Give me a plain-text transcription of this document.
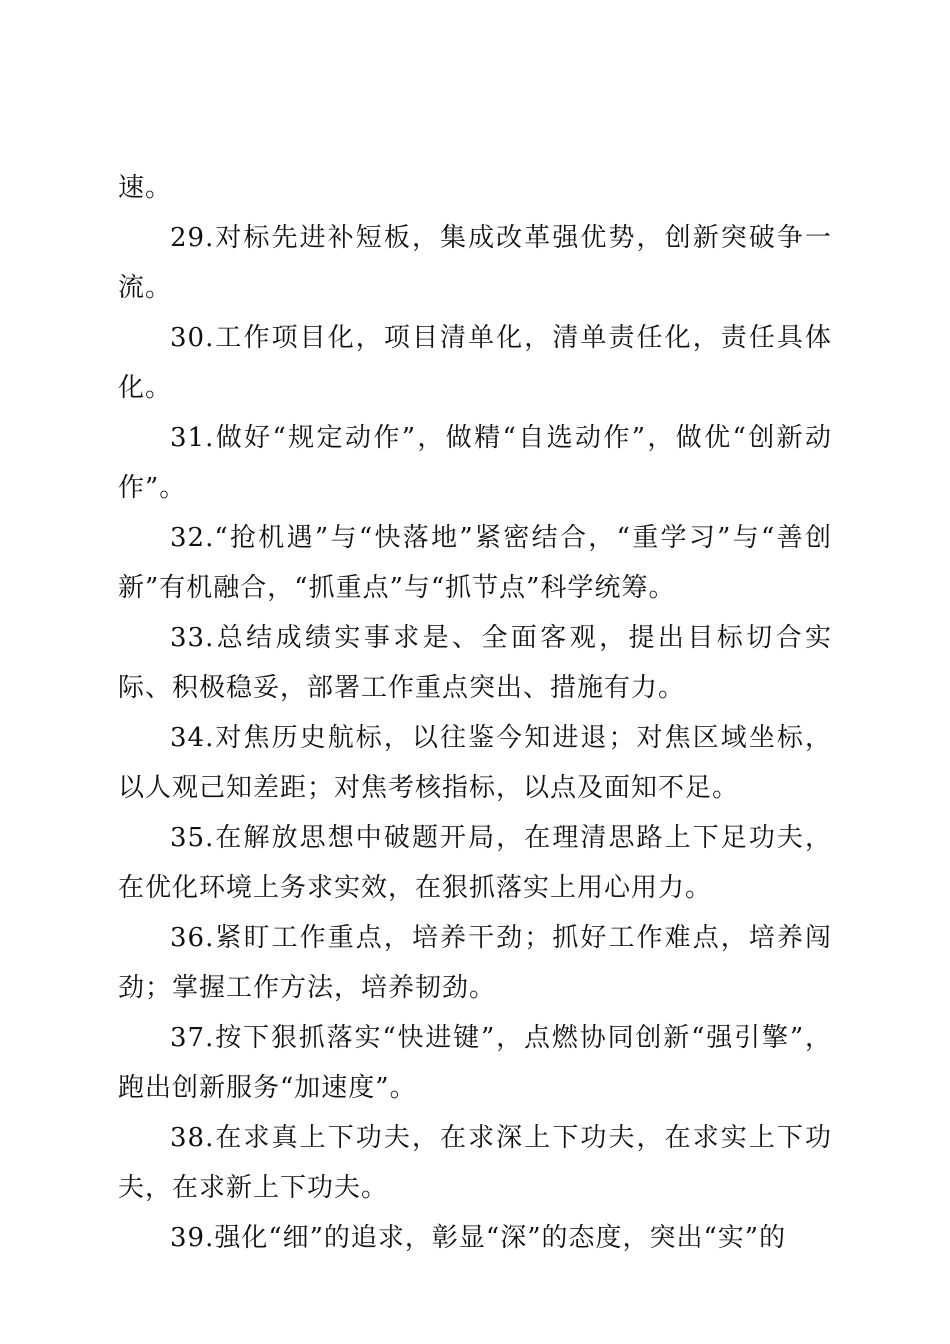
速。

29.对标先进补短板，集成改革强优势，创新突破争一流。

30.工作项目化，项目清单化，清单责任化，责任具体化。

31.做好“规定动作”，做精“自选动作”，做优“创新动作”。

32.“抢机遇”与“快落地”紧密结合，“重学习”与“善创新”有机融合，“抓重点”与“抓节点”科学统筹。

33.总结成绩实事求是、全面客观，提出目标切合实际、积极稳妥，部署工作重点突出、措施有力。

34.对焦历史航标，以往鉴今知进退；对焦区域坐标，以人观己知差距；对焦考核指标，以点及面知不足。

35.在解放思想中破题开局，在理清思路上下足功夫，在优化环境上务求实效，在狠抓落实上用心用力。

36.紧盯工作重点，培养干劲；抓好工作难点，培养闯劲；掌握工作方法，培养韧劲。

37.按下狠抓落实“快进键”，点燃协同创新“强引擎”，跑出创新服务“加速度”。

38.在求真上下功夫，在求深上下功夫，在求实上下功夫，在求新上下功夫。

39.强化“细”的追求，彰显“深”的态度，突出“实”的
